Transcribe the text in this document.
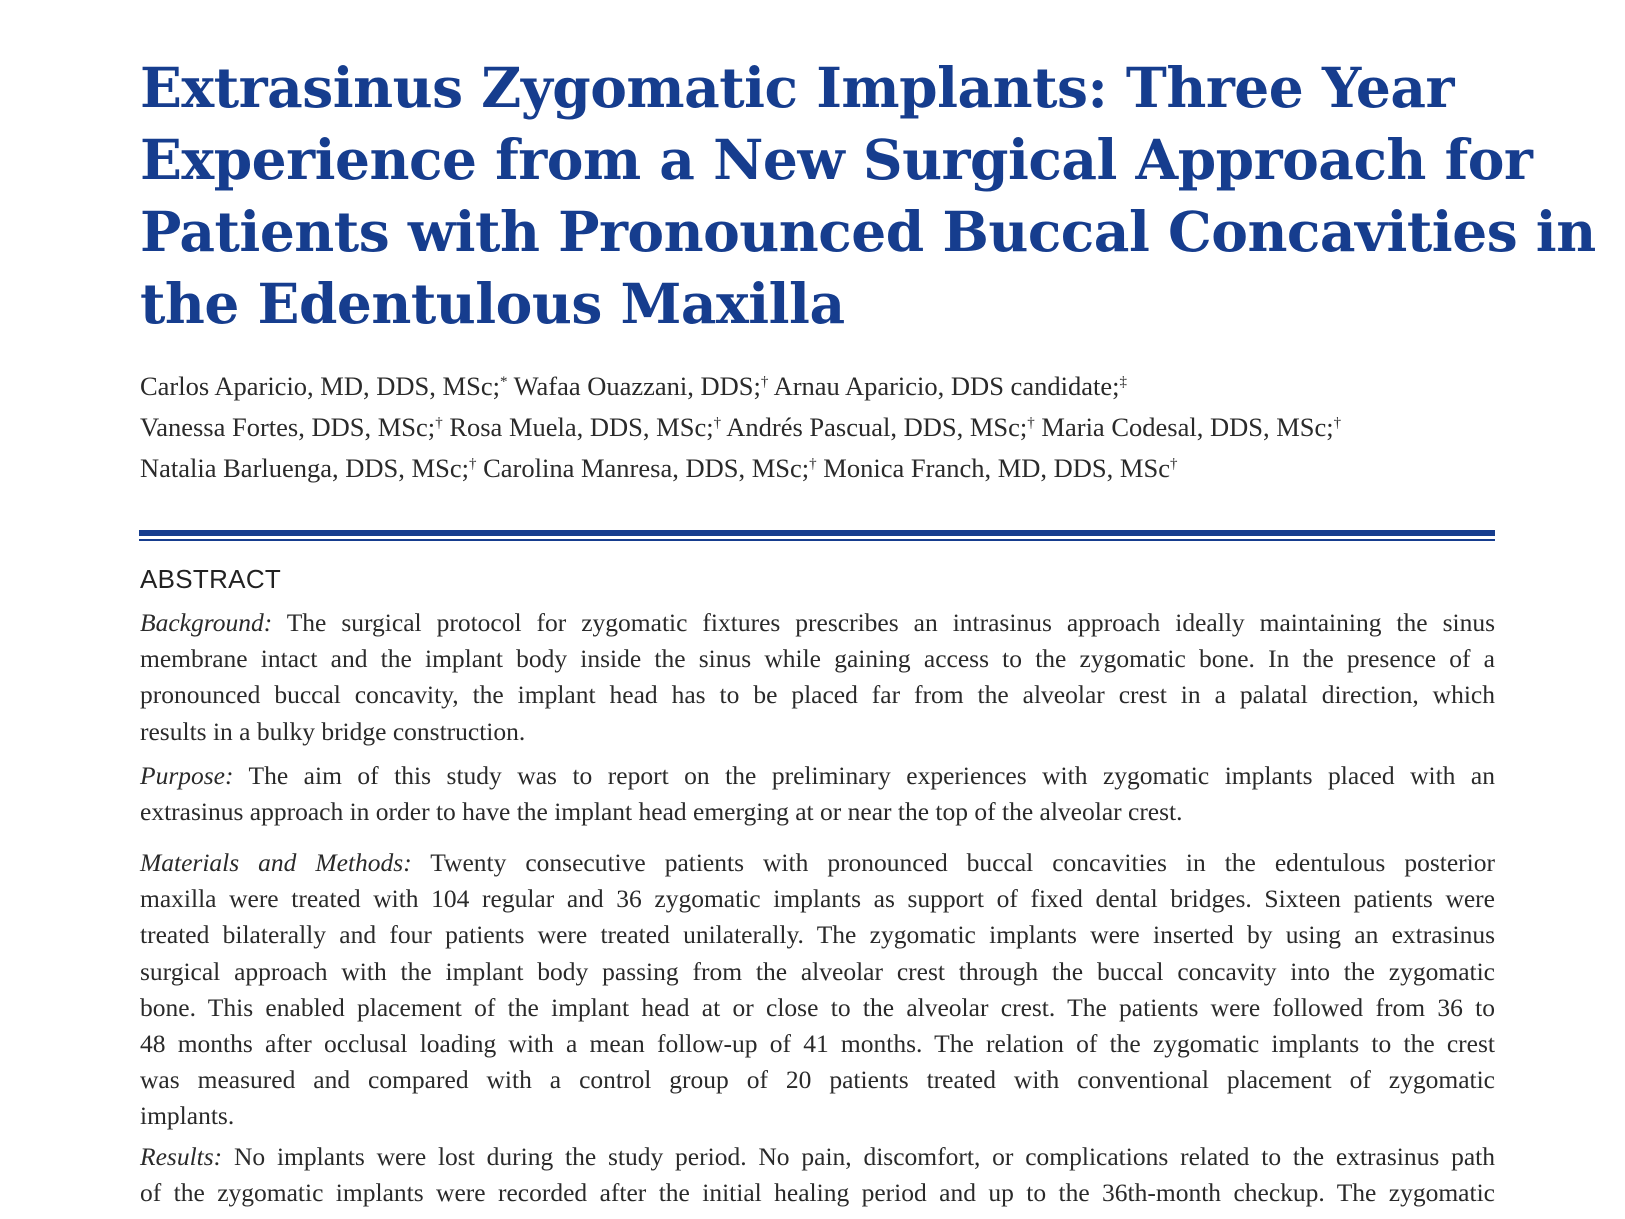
Extrasinus Zygomatic Implants: Three Year
Experience from a New Surgical Approach for
Patients with Pronounced Buccal Concavities in
the Edentulous Maxilla
Carlos Aparicio, MD, DDS, MSc;* Wafaa Ouazzani, DDS;† Arnau Aparicio, DDS candidate;‡
Vanessa Fortes, DDS, MSc;† Rosa Muela, DDS, MSc;† Andrés Pascual, DDS, MSc;† Maria Codesal, DDS, MSc;†
Natalia Barluenga, DDS, MSc;† Carolina Manresa, DDS, MSc;† Monica Franch, MD, DDS, MSc†
ABSTRACT
Background: The surgical protocol for zygomatic fixtures prescribes an intrasinus approach ideally maintaining the sinus
membrane intact and the implant body inside the sinus while gaining access to the zygomatic bone. In the presence of a
pronounced buccal concavity, the implant head has to be placed far from the alveolar crest in a palatal direction, which
results in a bulky bridge construction.
Purpose: The aim of this study was to report on the preliminary experiences with zygomatic implants placed with an
extrasinus approach in order to have the implant head emerging at or near the top of the alveolar crest.
Materials and Methods: Twenty consecutive patients with pronounced buccal concavities in the edentulous posterior
maxilla were treated with 104 regular and 36 zygomatic implants as support of fixed dental bridges. Sixteen patients were
treated bilaterally and four patients were treated unilaterally. The zygomatic implants were inserted by using an extrasinus
surgical approach with the implant body passing from the alveolar crest through the buccal concavity into the zygomatic
bone. This enabled placement of the implant head at or close to the alveolar crest. The patients were followed from 36 to
48 months after occlusal loading with a mean follow-up of 41 months. The relation of the zygomatic implants to the crest
was measured and compared with a control group of 20 patients treated with conventional placement of zygomatic
implants.
Results: No implants were lost during the study period. No pain, discomfort, or complications related to the extrasinus path
of the zygomatic implants were recorded after the initial healing period and up to the 36th-month checkup. The zygomatic
